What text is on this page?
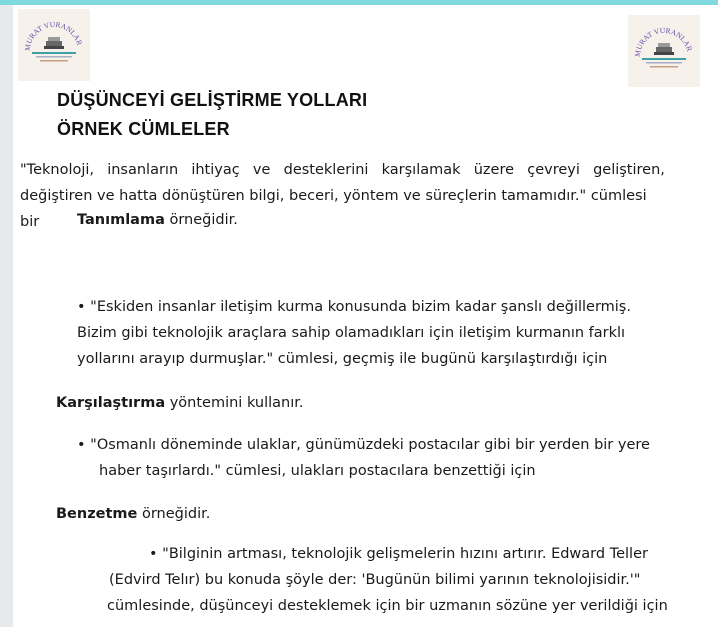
MURAT VURANLAR
MURAT VURANLAR
DÜŞÜNCEYİ GELİŞTİRME YOLLARI
ÖRNEK CÜMLELER
"Teknoloji, insanların ihtiyaç ve desteklerini karşılamak üzere çevreyi geliştiren,
değiştiren ve hatta dönüştüren bilgi, beceri, yöntem ve süreçlerin tamamıdır." cümlesi
bir	Tanımlama örneğidir.
• "Eskiden insanlar iletişim kurma konusunda bizim kadar şanslı değillermiş.
Bizim gibi teknolojik araçlara sahip olamadıkları için iletişim kurmanın farklı
yollarını arayıp durmuşlar." cümlesi, geçmiş ile bugünü karşılaştırdığı için
Karşılaştırma yöntemini kullanır.
• "Osmanlı döneminde ulaklar, günümüzdeki postacılar gibi bir yerden bir yere
haber taşırlardı." cümlesi, ulakları postacılara benzettiği için
Benzetme örneğidir.
• "Bilginin artması, teknolojik gelişmelerin hızını artırır. Edward Teller
(Edvird Telır) bu konuda şöyle der: 'Bugünün bilimi yarının teknolojisidir.'"
cümlesinde, düşünceyi desteklemek için bir uzmanın sözüne yer verildiği için
